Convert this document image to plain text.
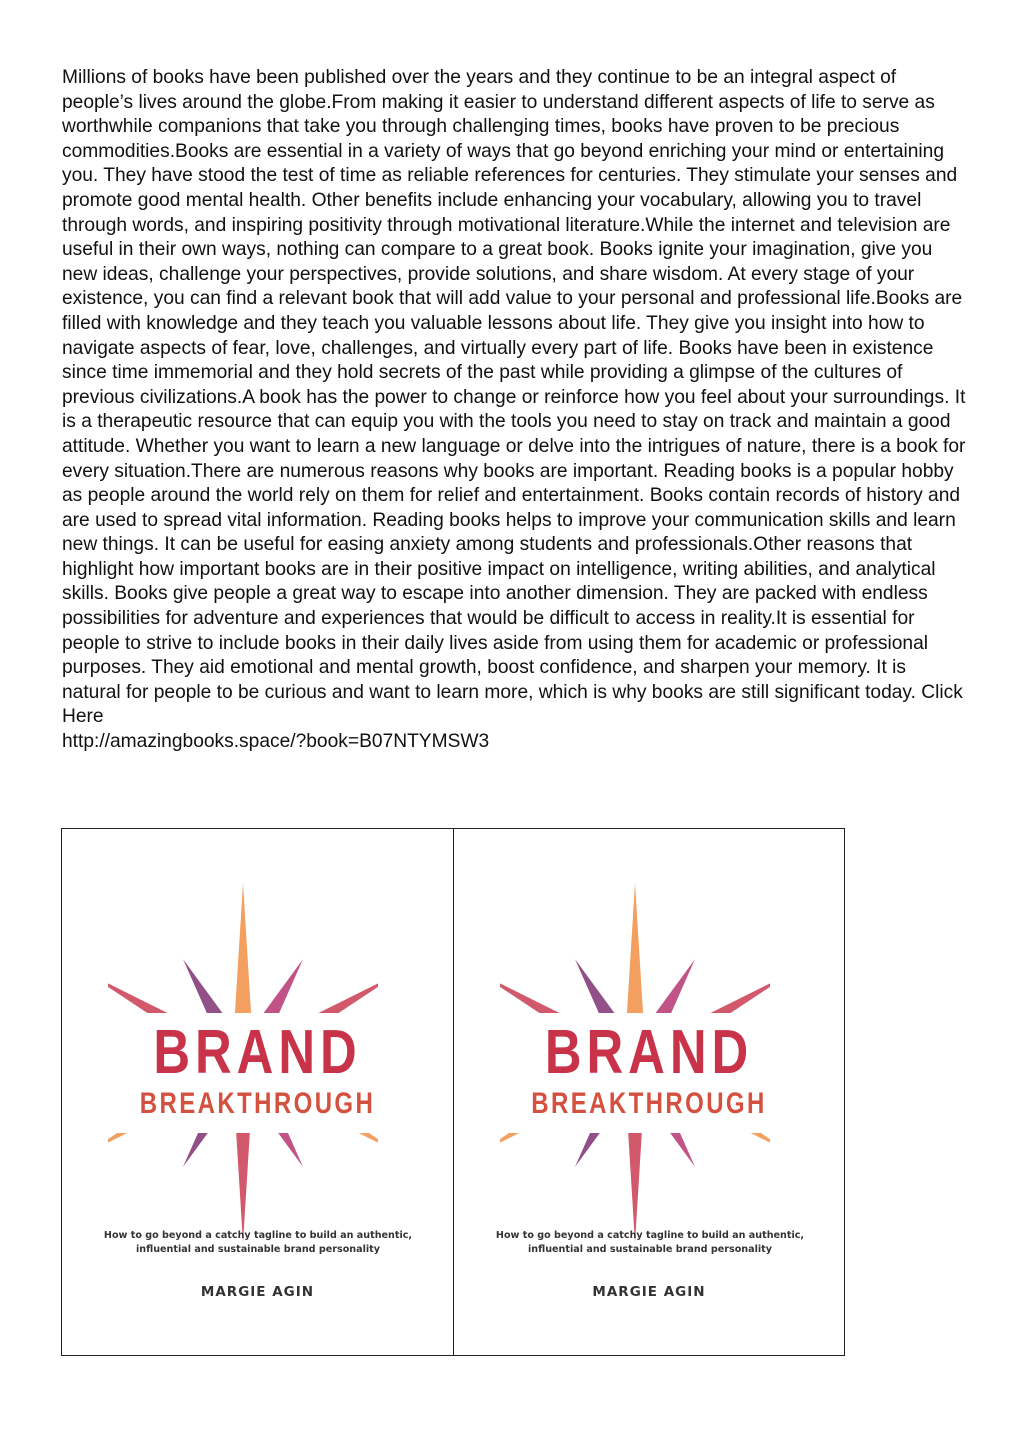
Millions of books have been published over the years and they continue to be an integral aspect of people’s lives around the globe.From making it easier to understand different aspects of life to serve as worthwhile companions that take you through challenging times, books have proven to be precious commodities.Books are essential in a variety of ways that go beyond enriching your mind or entertaining you. They have stood the test of time as reliable references for centuries. They stimulate your senses and promote good mental health. Other benefits include enhancing your vocabulary, allowing you to travel through words, and inspiring positivity through motivational literature.While the internet and television are useful in their own ways, nothing can compare to a great book. Books ignite your imagination, give you new ideas, challenge your perspectives, provide solutions, and share wisdom. At every stage of your existence, you can find a relevant book that will add value to your personal and professional life.Books are filled with knowledge and they teach you valuable lessons about life. They give you insight into how to navigate aspects of fear, love, challenges, and virtually every part of life. Books have been in existence since time immemorial and they hold secrets of the past while providing a glimpse of the cultures of previous civilizations.A book has the power to change or reinforce how you feel about your surroundings. It is a therapeutic resource that can equip you with the tools you need to stay on track and maintain a good attitude. Whether you want to learn a new language or delve into the intrigues of nature, there is a book for every situation.There are numerous reasons why books are important. Reading books is a popular hobby as people around the world rely on them for relief and entertainment. Books contain records of history and are used to spread vital information. Reading books helps to improve your communication skills and learn new things. It can be useful for easing anxiety among students and professionals.Other reasons that highlight how important books are in their positive impact on intelligence, writing abilities, and analytical skills. Books give people a great way to escape into another dimension. They are packed with endless possibilities for adventure and experiences that would be difficult to access in reality.It is essential for people to strive to include books in their daily lives aside from using them for academic or professional purposes. They aid emotional and mental growth, boost confidence, and sharpen your memory. It is natural for people to be curious and want to learn more, which is why books are still significant today. Click Here
http://amazingbooks.space/?book=B07NTYMSW3

BRAND
BREAKTHROUGH
How to go beyond a catchy tagline to build an authentic, influential and sustainable brand personality
MARGIE AGIN
BRAND
BREAKTHROUGH
How to go beyond a catchy tagline to build an authentic, influential and sustainable brand personality
MARGIE AGIN
